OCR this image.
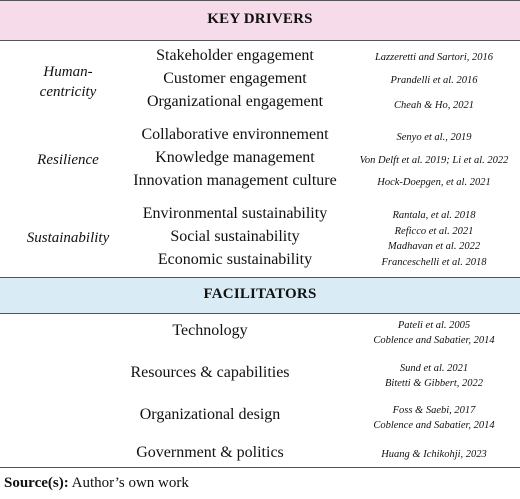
KEY DRIVERS
Human-
centricity
Stakeholder engagement	Lazzeretti and Sartori, 2016
Customer engagement	Prandelli et al. 2016
Organizational engagement	Cheah & Ho, 2021
Resilience
Collaborative environnement	Senyo et al., 2019
Knowledge management	Von Delft et al. 2019; Li et al. 2022
Innovation management culture	Hock-Doepgen, et al. 2021
Sustainability
Environmental sustainability	Rantala, et al. 2018
Social sustainability	Reficco et al. 2021
Madhavan et al. 2022
Economic sustainability	Franceschelli et al. 2018
FACILITATORS
Technology	Pateli et al. 2005
Coblence and Sabatier, 2014
Resources & capabilities	Sund et al. 2021
Bitetti & Gibbert, 2022
Organizational design	Foss & Saebi, 2017
Coblence and Sabatier, 2014
Government & politics	Huang & Ichikohji, 2023
Source(s): Author’s own work
